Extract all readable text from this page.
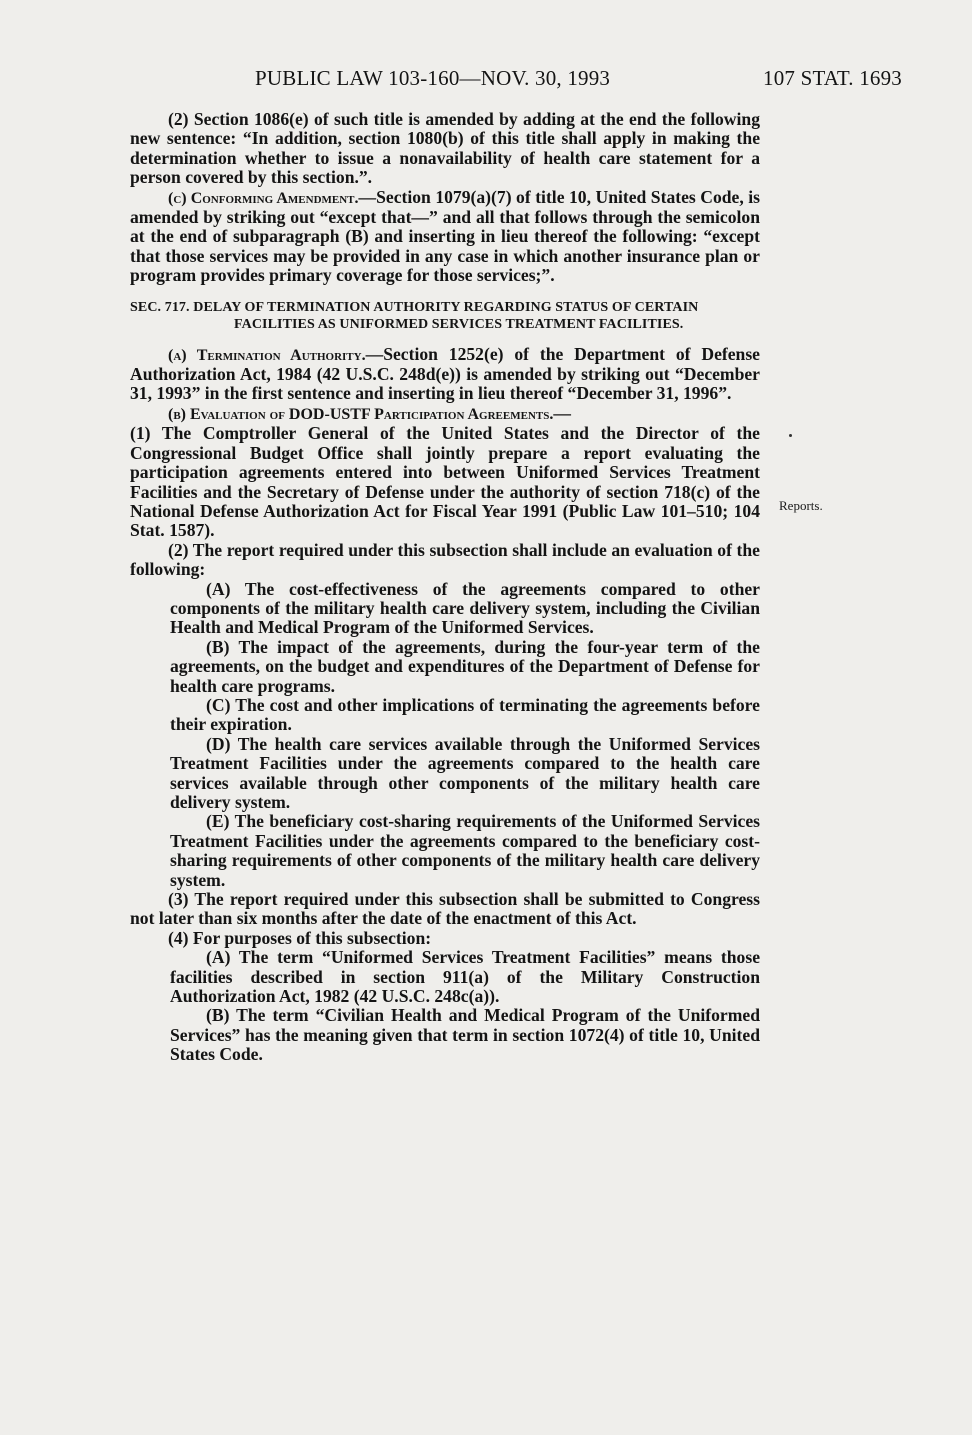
PUBLIC LAW 103-160—NOV. 30, 1993	107 STAT. 1693
Reports.

(2) Section 1086(e) of such title is amended by adding at the end the following new sentence: “In addition, section 1080(b) of this title shall apply in making the determination whether to issue a nonavailability of health care statement for a person covered by this section.”.

(c) Conforming Amendment.—Section 1079(a)(7) of title 10, United States Code, is amended by striking out “except that—” and all that follows through the semicolon at the end of subparagraph (B) and inserting in lieu thereof the following: “except that those services may be provided in any case in which another insurance plan or program provides primary coverage for those services;”.

SEC. 717. DELAY OF TERMINATION AUTHORITY REGARDING STATUS OF CERTAIN FACILITIES AS UNIFORMED SERVICES TREATMENT FACILITIES.

(a) Termination Authority.—Section 1252(e) of the Department of Defense Authorization Act, 1984 (42 U.S.C. 248d(e)) is amended by striking out “December 31, 1993” in the first sentence and inserting in lieu thereof “December 31, 1996”.

(b) Evaluation of DOD-USTF Participation Agreements.—

(1) The Comptroller General of the United States and the Director of the Congressional Budget Office shall jointly prepare a report evaluating the participation agreements entered into between Uniformed Services Treatment Facilities and the Secretary of Defense under the authority of section 718(c) of the National Defense Authorization Act for Fiscal Year 1991 (Public Law 101–510; 104 Stat. 1587).

(2) The report required under this subsection shall include an evaluation of the following:

(A) The cost-effectiveness of the agreements compared to other components of the military health care delivery system, including the Civilian Health and Medical Program of the Uniformed Services.

(B) The impact of the agreements, during the four-year term of the agreements, on the budget and expenditures of the Department of Defense for health care programs.

(C) The cost and other implications of terminating the agreements before their expiration.

(D) The health care services available through the Uniformed Services Treatment Facilities under the agreements compared to the health care services available through other components of the military health care delivery system.

(E) The beneficiary cost-sharing requirements of the Uniformed Services Treatment Facilities under the agreements compared to the beneficiary cost-sharing requirements of other components of the military health care delivery system.

(3) The report required under this subsection shall be submitted to Congress not later than six months after the date of the enactment of this Act.

(4) For purposes of this subsection:

(A) The term “Uniformed Services Treatment Facilities” means those facilities described in section 911(a) of the Military Construction Authorization Act, 1982 (42 U.S.C. 248c(a)).

(B) The term “Civilian Health and Medical Program of the Uniformed Services” has the meaning given that term in section 1072(4) of title 10, United States Code.
